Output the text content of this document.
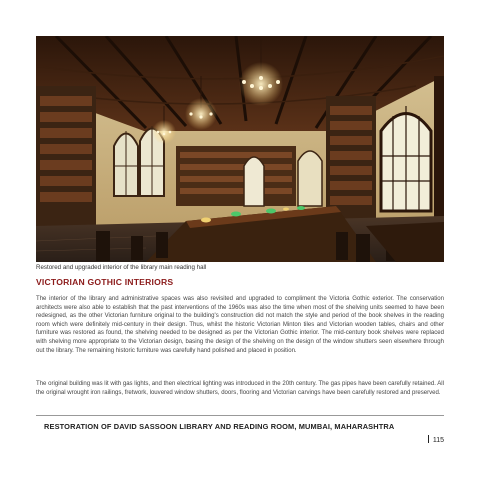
Restored and upgraded interior of the library main reading hall
VICTORIAN GOTHIC INTERIORS

The interior of the library and administrative spaces was also revisited and upgraded to compliment the Victoria Gothic exterior. The conservation architects were also able to establish that the past interventions of the 1960s was also the time when most of the shelving units seemed to have been redesigned, as the other Victorian furniture original to the building's construction did not match the style and period of the book shelves in the reading room which were definitely mid-century in their design. Thus, whilst the historic Victorian Minton tiles and Victorian wooden tables, chairs and other furniture was restored as found, the shelving needed to be designed as per the Victorian Gothic interior. The mid-century book shelves were replaced with shelving more appropriate to the Victorian design, basing the design of the shelving on the design of the window shutters seen elsewhere through out the library. The remaining historic furniture was carefully hand polished and placed in position.

The original building was lit with gas lights, and then electrical lighting was introduced in the 20th century. The gas pipes have been carefully retained. All the original wrought iron railings, fretwork, louvered window shutters, doors, flooring and Victorian carvings have been carefully restored and preserved.

RESTORATION OF DAVID SASSOON LIBRARY AND READING ROOM, MUMBAI, MAHARASHTRA
115
